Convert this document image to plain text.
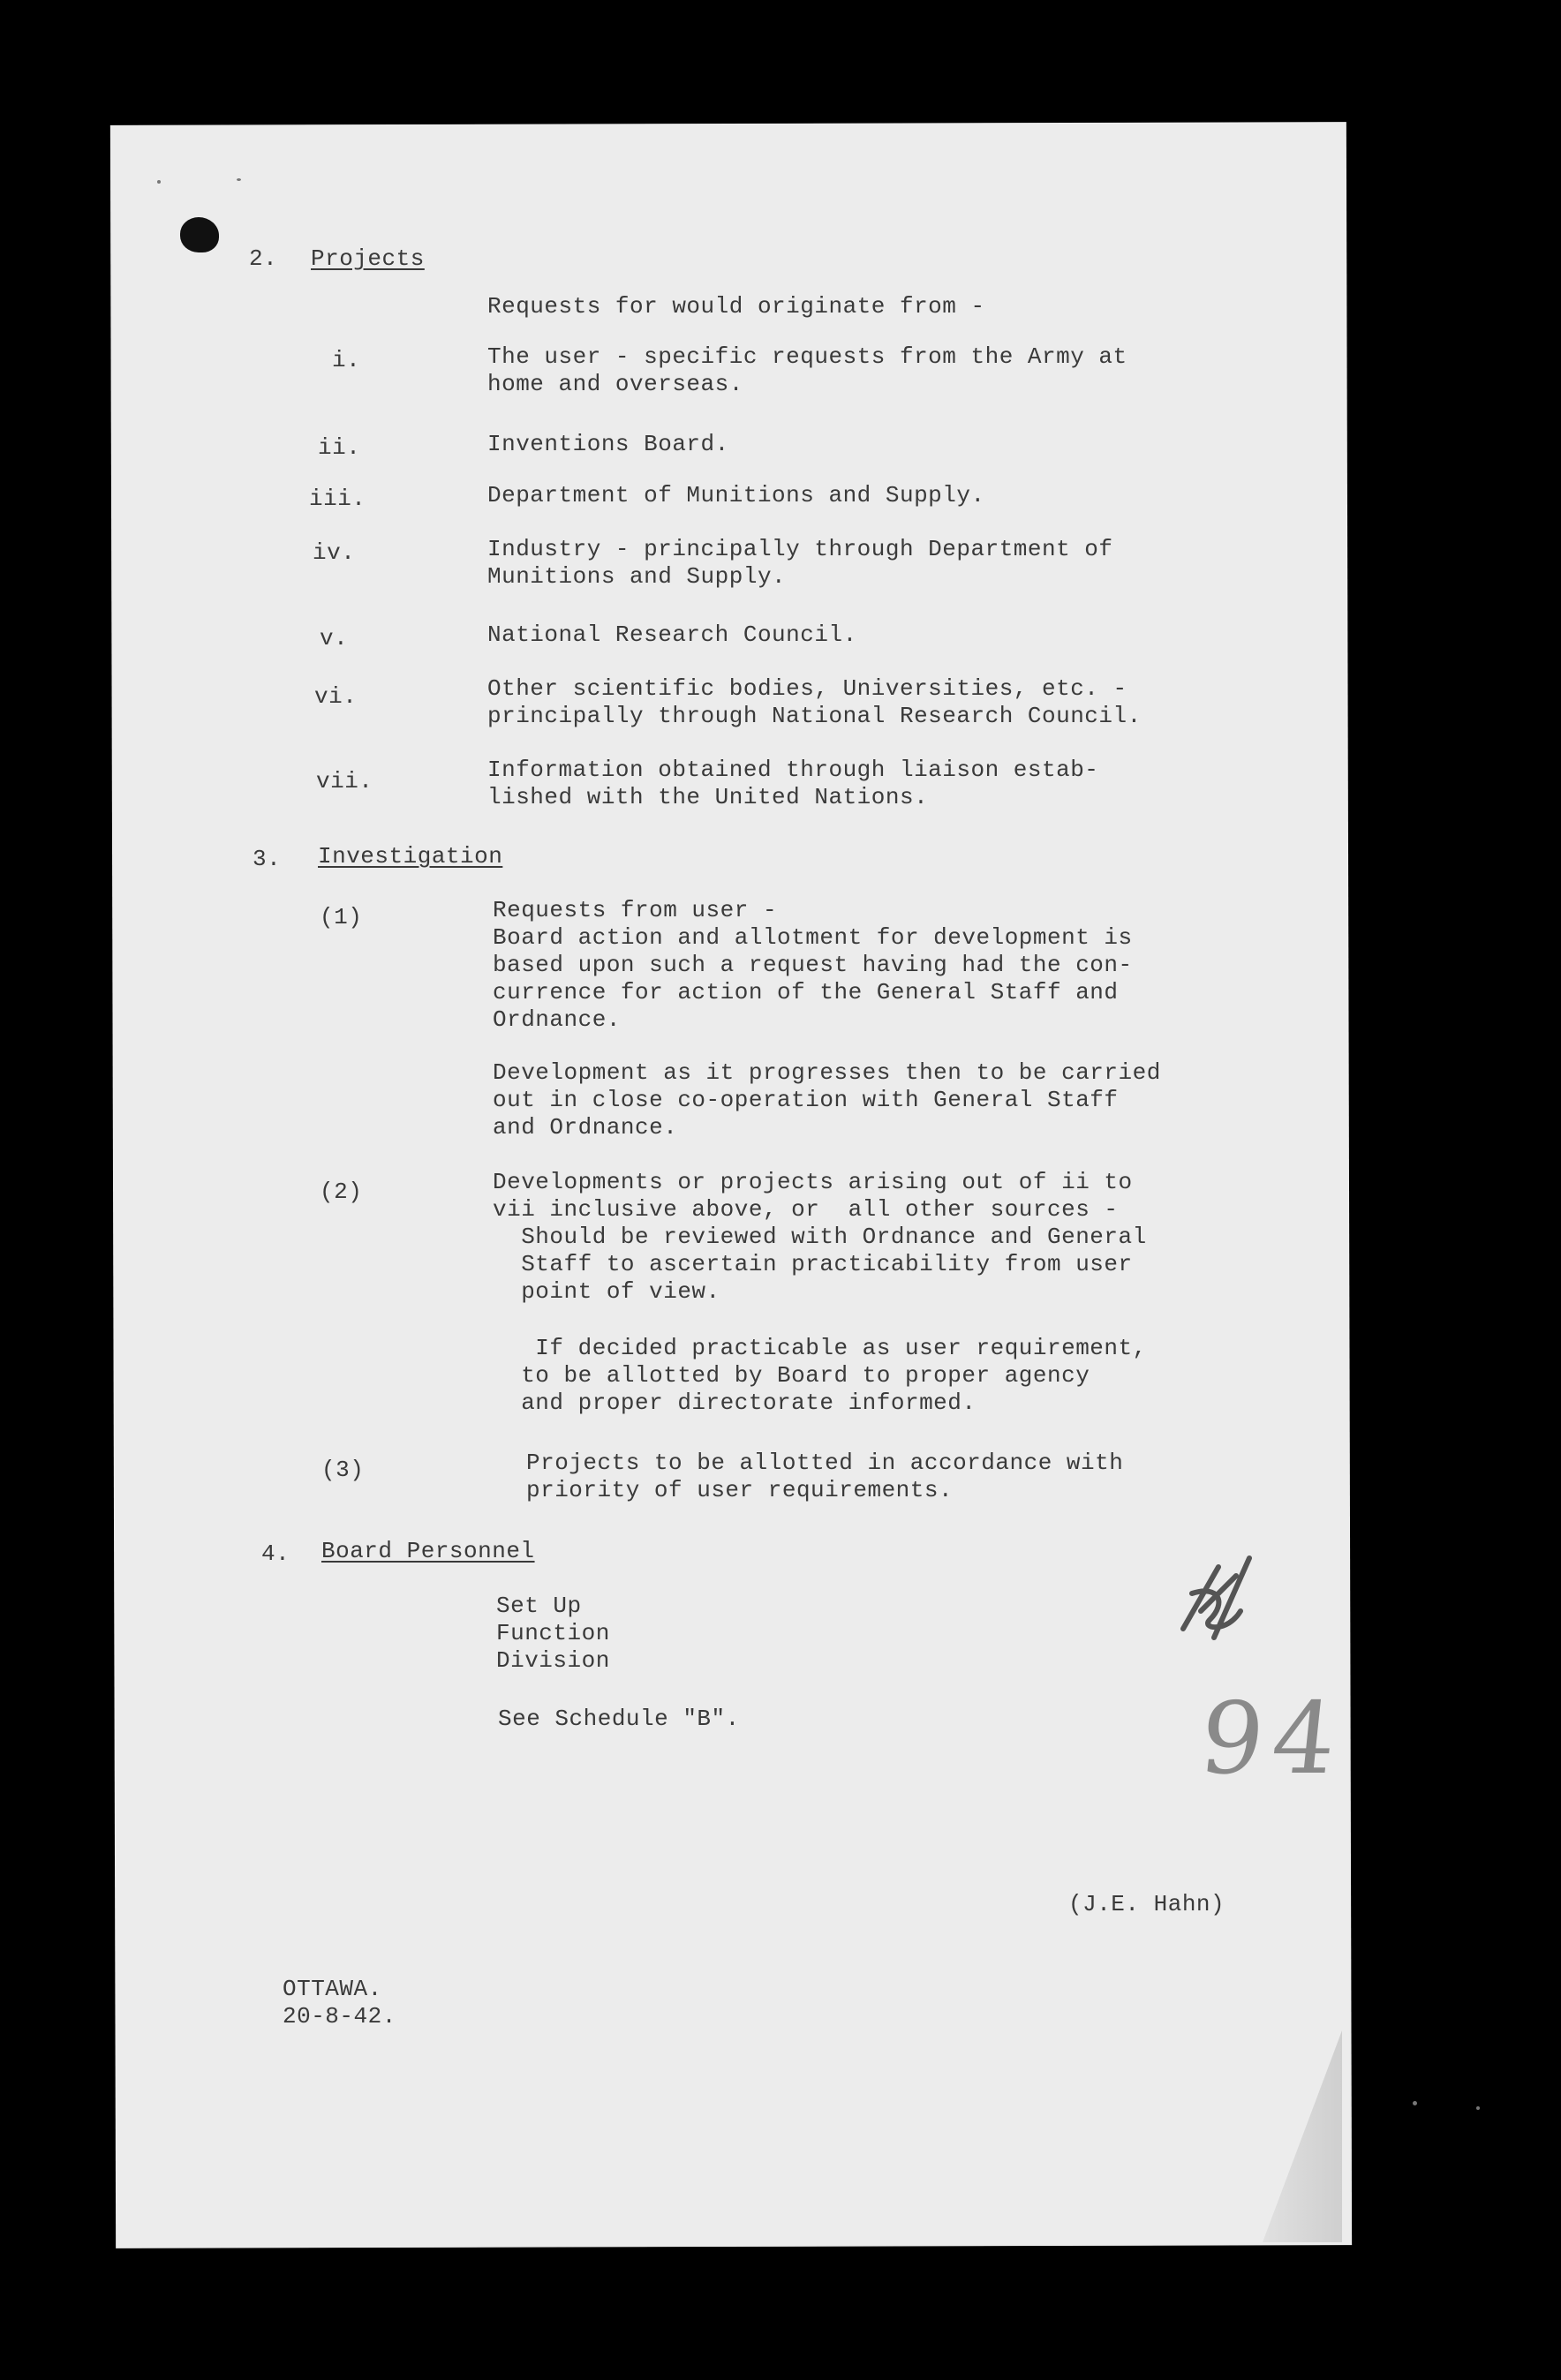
2. Projects

Requests for would originate from -

i.	The user - specific requests from the Army at

home and overseas.

ii.	Inventions Board.

iii.	Department of Munitions and Supply.

iv.	Industry - principally through Department of

Munitions and Supply.

v.	National Research Council.

vi.	Other scientific bodies, Universities, etc. -

principally through National Research Council.

vii.	Information obtained through liaison estab-

lished with the United Nations.

3. Investigation

(1)	Requests from user -

Board action and allotment for development is

based upon such a request having had the con-

currence for action of the General Staff and

Ordnance.

Development as it progresses then to be carried

out in close co-operation with General Staff

and Ordnance.

(2)	Developments or projects arising out of ii to

vii inclusive above, or  all other sources -

Should be reviewed with Ordnance and General

Staff to ascertain practicability from user

point of view.

If decided practicable as user requirement,

to be allotted by Board to proper agency

and proper directorate informed.

(3)	Projects to be allotted in accordance with

priority of user requirements.

4. Board Personnel

Set Up

Function

Division

See Schedule "B".	94

(J.E. Hahn)

OTTAWA.

20-8-42.
